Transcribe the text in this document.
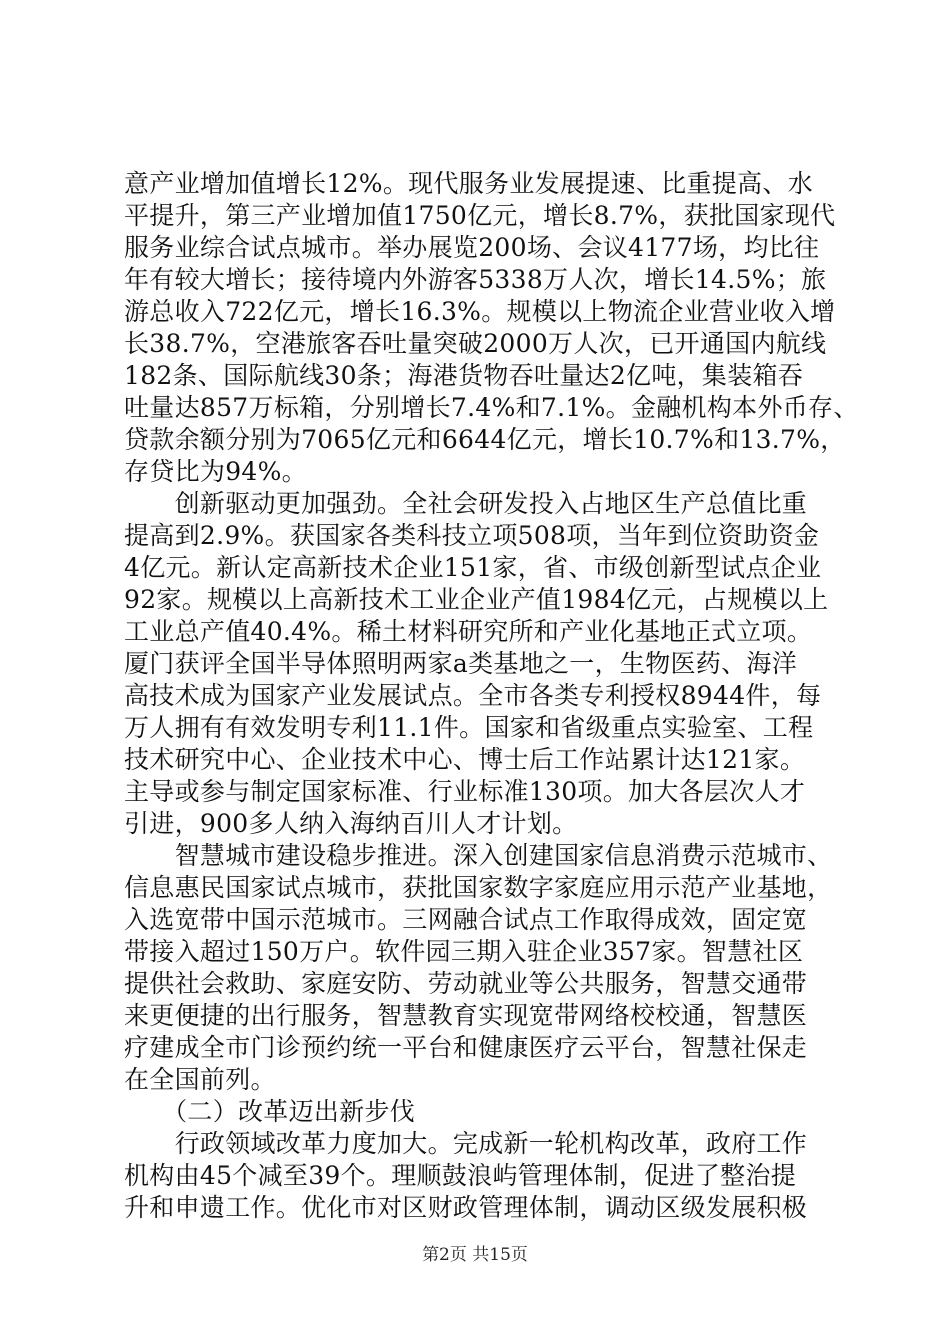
意产业增加值增长12%。现代服务业发展提速、比重提高、水
平提升，第三产业增加值1750亿元，增长8.7%，获批国家现代
服务业综合试点城市。举办展览200场、会议4177场，均比往
年有较大增长；接待境内外游客5338万人次，增长14.5%；旅
游总收入722亿元，增长16.3%。规模以上物流企业营业收入增
长38.7%，空港旅客吞吐量突破2000万人次，已开通国内航线
182条、国际航线30条；海港货物吞吐量达2亿吨，集装箱吞
吐量达857万标箱，分别增长7.4%和7.1%。金融机构本外币存、
贷款余额分别为7065亿元和6644亿元，增长10.7%和13.7%，
存贷比为94%。
　　创新驱动更加强劲。全社会研发投入占地区生产总值比重
提高到2.9%。获国家各类科技立项508项，当年到位资助资金
4亿元。新认定高新技术企业151家，省、市级创新型试点企业
92家。规模以上高新技术工业企业产值1984亿元，占规模以上
工业总产值40.4%。稀土材料研究所和产业化基地正式立项。
厦门获评全国半导体照明两家a类基地之一，生物医药、海洋
高技术成为国家产业发展试点。全市各类专利授权8944件，每
万人拥有有效发明专利11.1件。国家和省级重点实验室、工程
技术研究中心、企业技术中心、博士后工作站累计达121家。
主导或参与制定国家标准、行业标准130项。加大各层次人才
引进，900多人纳入海纳百川人才计划。
　　智慧城市建设稳步推进。深入创建国家信息消费示范城市、
信息惠民国家试点城市，获批国家数字家庭应用示范产业基地，
入选宽带中国示范城市。三网融合试点工作取得成效，固定宽
带接入超过150万户。软件园三期入驻企业357家。智慧社区
提供社会救助、家庭安防、劳动就业等公共服务，智慧交通带
来更便捷的出行服务，智慧教育实现宽带网络校校通，智慧医
疗建成全市门诊预约统一平台和健康医疗云平台，智慧社保走
在全国前列。
　　（二）改革迈出新步伐
　　行政领域改革力度加大。完成新一轮机构改革，政府工作
机构由45个减至39个。理顺鼓浪屿管理体制，促进了整治提
升和申遗工作。优化市对区财政管理体制，调动区级发展积极
第2页 共15页
